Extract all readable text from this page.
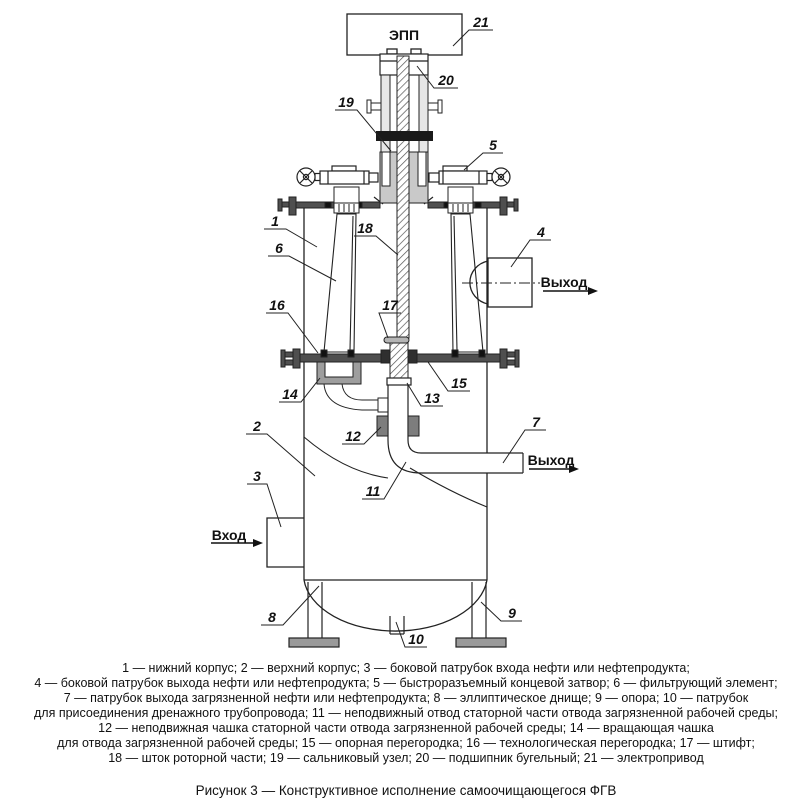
ЭПП
Вход
Выход
Выход
1
2
3
4
5
6
7
8	9
10
11
12
13
14
15
16	17
18
19
20
21
1 — нижний корпус; 2 — верхний корпус; 3 — боковой патрубок входа нефти или нефтепродукта;
4 — боковой патрубок выхода нефти или нефтепродукта; 5 — быстроразъемный концевой затвор; 6 — фильтрующий элемент;
7 — патрубок выхода загрязненной нефти или нефтепродукта; 8 — эллиптическое днище; 9 — опора; 10 — патрубок
для присоединения дренажного трубопровода; 11 — неподвижный отвод статорной части отвода загрязненной рабочей среды;
12 — неподвижная чашка статорной части отвода загрязненной рабочей среды; 14 — вращающая чашка
для отвода загрязненной рабочей среды; 15 — опорная перегородка; 16 — технологическая перегородка; 17 — штифт;
18 — шток роторной части; 19 — сальниковый узел; 20 — подшипник бугельный; 21 — электропривод
Рисунок 3 — Конструктивное исполнение самоочищающегося ФГВ
